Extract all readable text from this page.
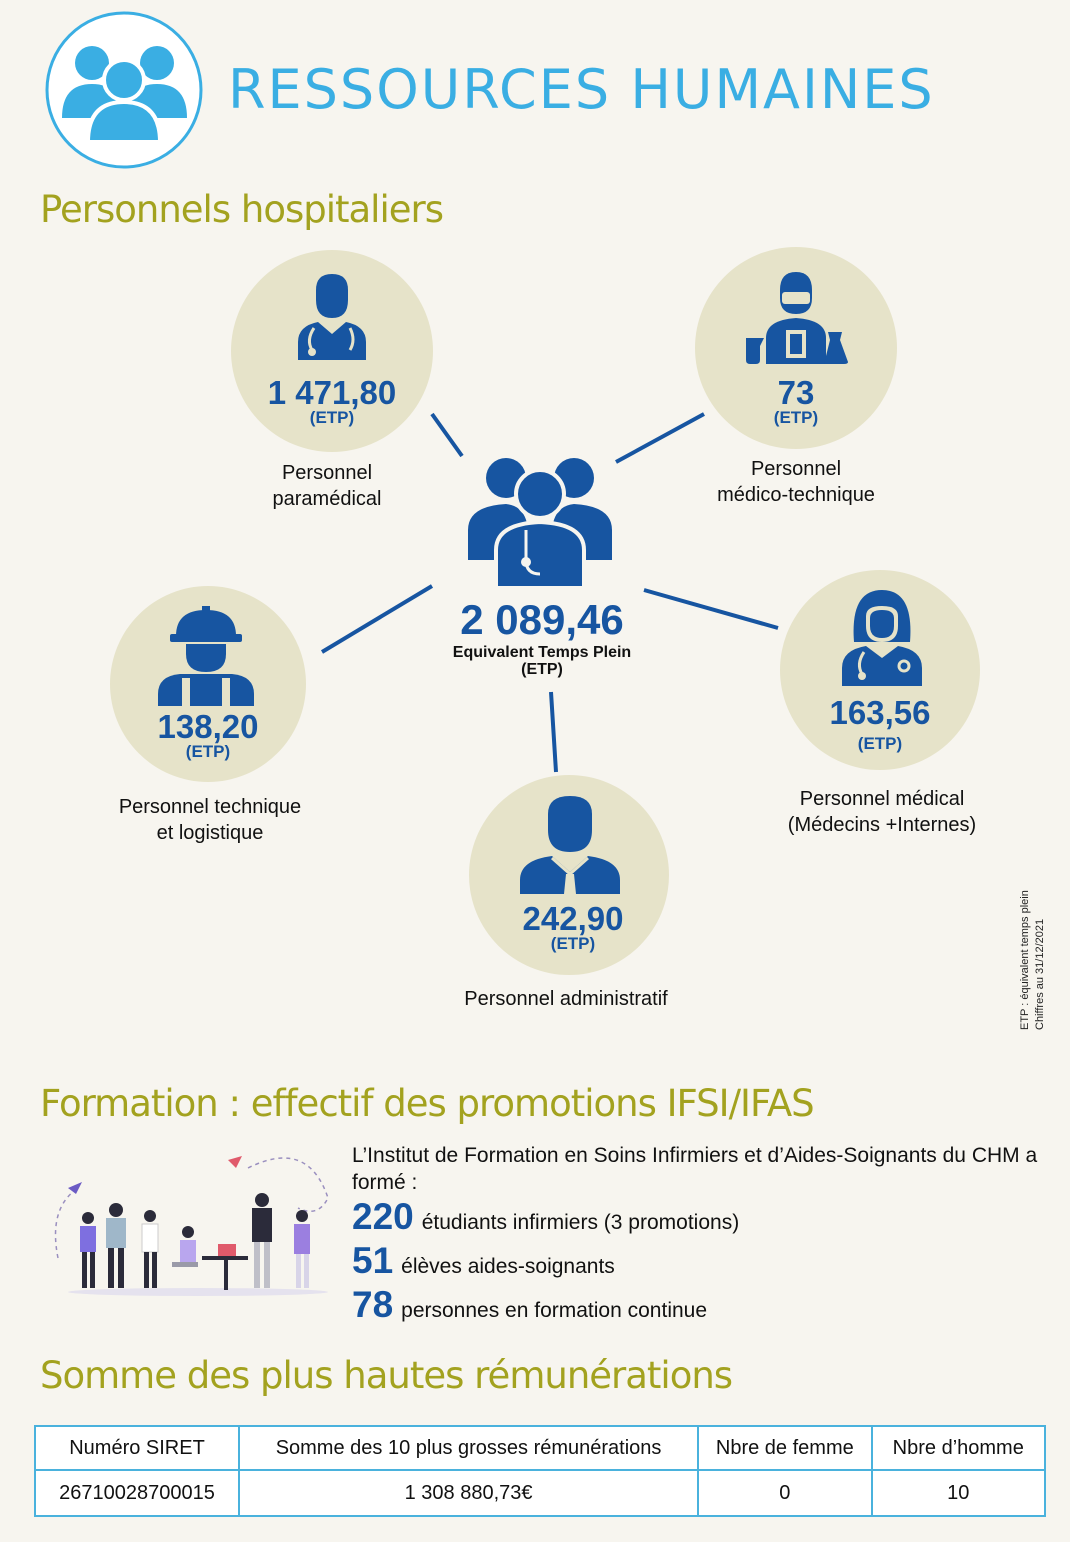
RESSOURCES HUMAINES
Personnels hospitaliers
1 471,80
(ETP)
Personnel
paramédical
73
(ETP)
Personnel
médico-technique
2 089,46
Equivalent Temps Plein (ETP)
138,20
(ETP)
Personnel technique
et logistique
163,56
(ETP)
Personnel médical
(Médecins +Internes)
242,90
(ETP)
Personnel administratif	ETP : équivalent temps plein Chiffres au 31/12/2021
Formation : effectif des promotions IFSI/IFAS
L’Institut de Formation en Soins Infirmiers et d’Aides-Soignants du CHM a formé :
220 étudiants infirmiers (3 promotions)
51 élèves aides-soignants
78 personnes en formation continue
Somme des plus hautes rémunérations
Numéro SIRET	Somme des 10 plus grosses rémunérations	Nbre de femme	Nbre d’homme
26710028700015	1 308 880,73€	0	10
